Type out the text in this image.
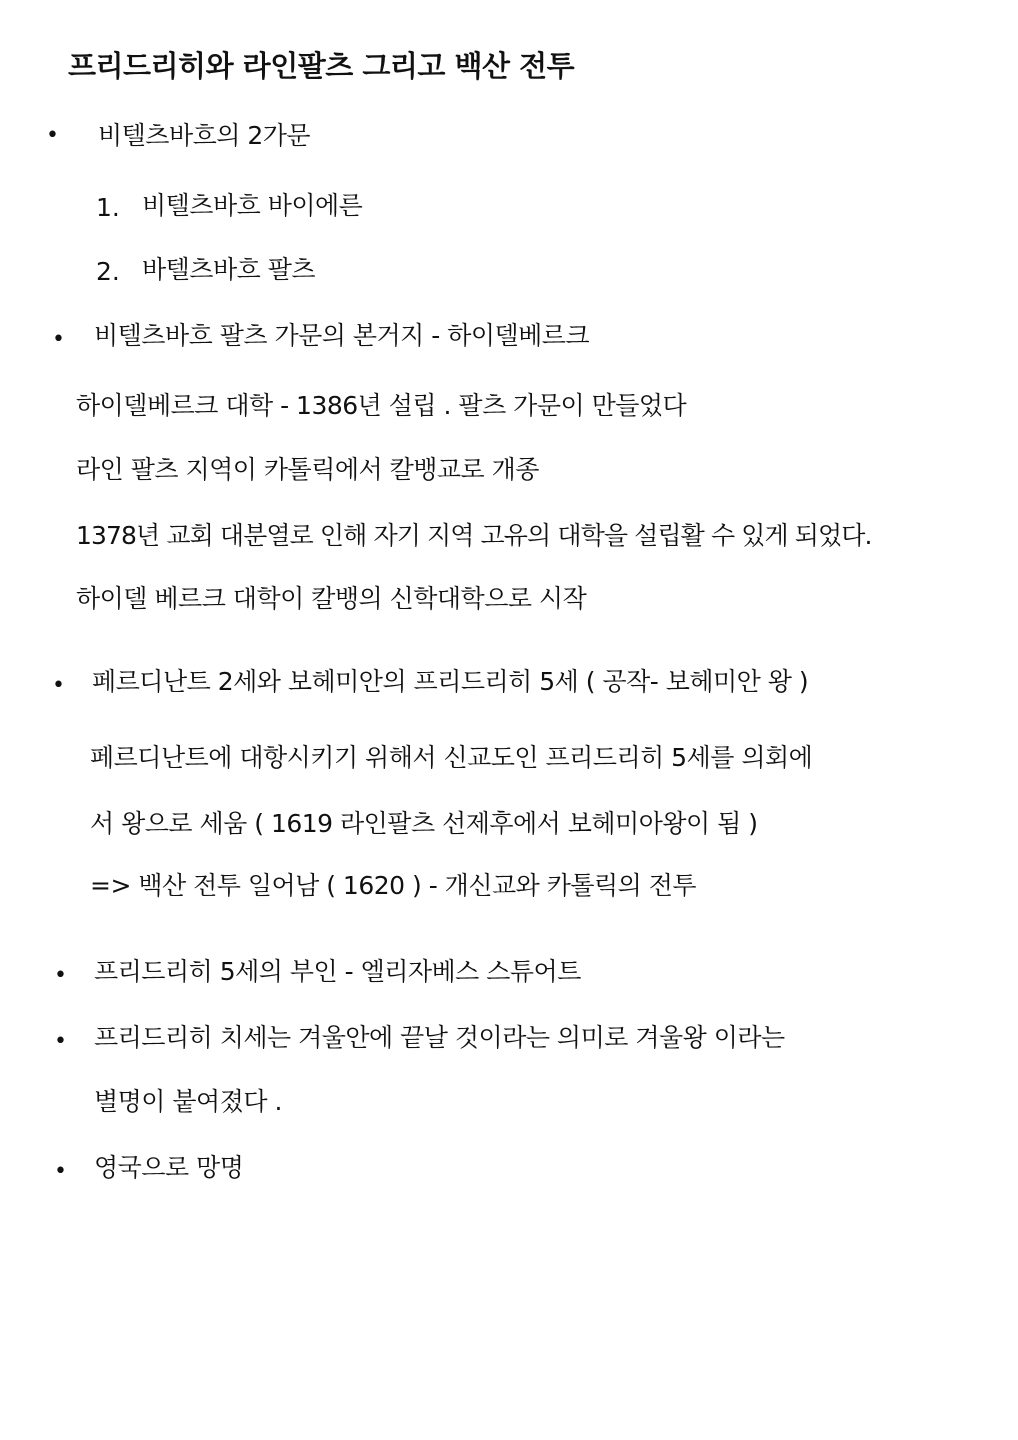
프리드리히와 라인팔츠 그리고 백산 전투
• 비텔츠바흐의 2가문
1. 비텔츠바흐 바이에른
2. 바텔츠바흐 팔츠
• 비텔츠바흐 팔츠 가문의 본거지 - 하이델베르크
하이델베르크 대학 - 1386년 설립 . 팔츠 가문이 만들었다
라인 팔츠 지역이 카톨릭에서 칼뱅교로 개종
1378년 교회 대분열로 인해 자기 지역 고유의 대학을 설립활 수 있게 되었다.
하이델 베르크 대학이 칼뱅의 신학대학으로 시작
• 페르디난트 2세와 보헤미안의 프리드리히 5세 ( 공작- 보헤미안 왕 )
페르디난트에 대항시키기 위해서 신교도인 프리드리히 5세를 의회에
서 왕으로 세움 ( 1619 라인팔츠 선제후에서 보헤미아왕이 됨 )
=> 백산 전투 일어남 ( 1620 ) - 개신교와 카톨릭의 전투
• 프리드리히 5세의 부인 - 엘리자베스 스튜어트
• 프리드리히 치세는 겨울안에 끝날 것이라는 의미로 겨울왕 이라는
별명이 붙여졌다 .
• 영국으로 망명
